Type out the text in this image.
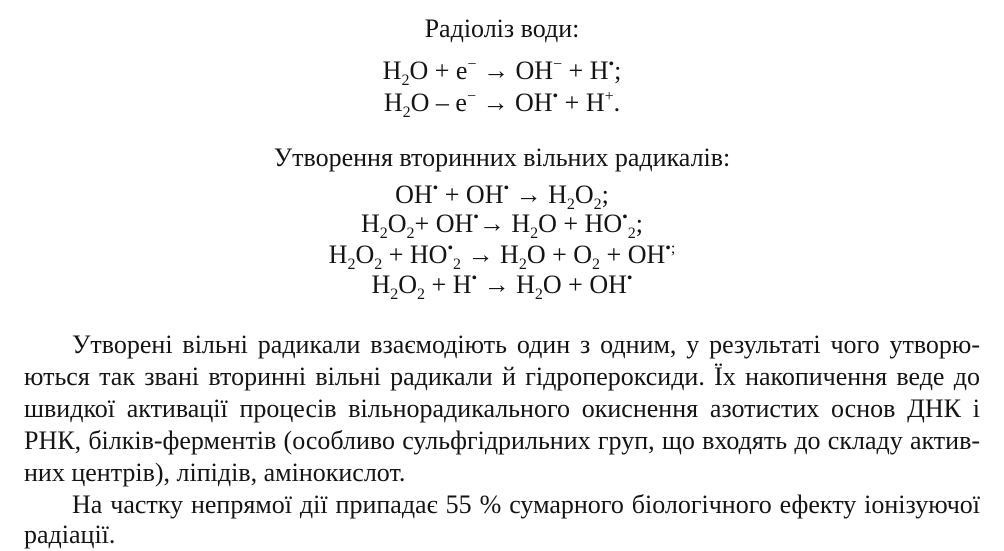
Радіоліз води:
$H_2O + e^- \to OH^- + H^•$;
$H_2O - e^- \to OH^• + H^+$.
Утворення вторинних вільних радикалів:
$OH^• + OH^• \to H_2O_2$;
$H_2O_2+ OH^•\to H_2O + HO^•_2$;
$H_2O_2 + HO^•_2 \to H_2O + O_2 + OH^{•;}$
$H_2O_2 + H^• \to H_2O + OH^•$
Утворені вільні радикали взаємодіють один з одним, у результаті чого утворю-
ються так звані вторинні вільні радикали й гідропероксиди. Їх накопичення веде до
швидкої активації процесів вільнорадикального окиснення азотистих основ ДНК і
РНК, білків-ферментів (особливо сульфгідрильних груп, що входять до складу актив-
них центрів), ліпідів, амінокислот.
На частку непрямої дії припадає 55 % сумарного біологічного ефекту іонізуючої
радіації.
